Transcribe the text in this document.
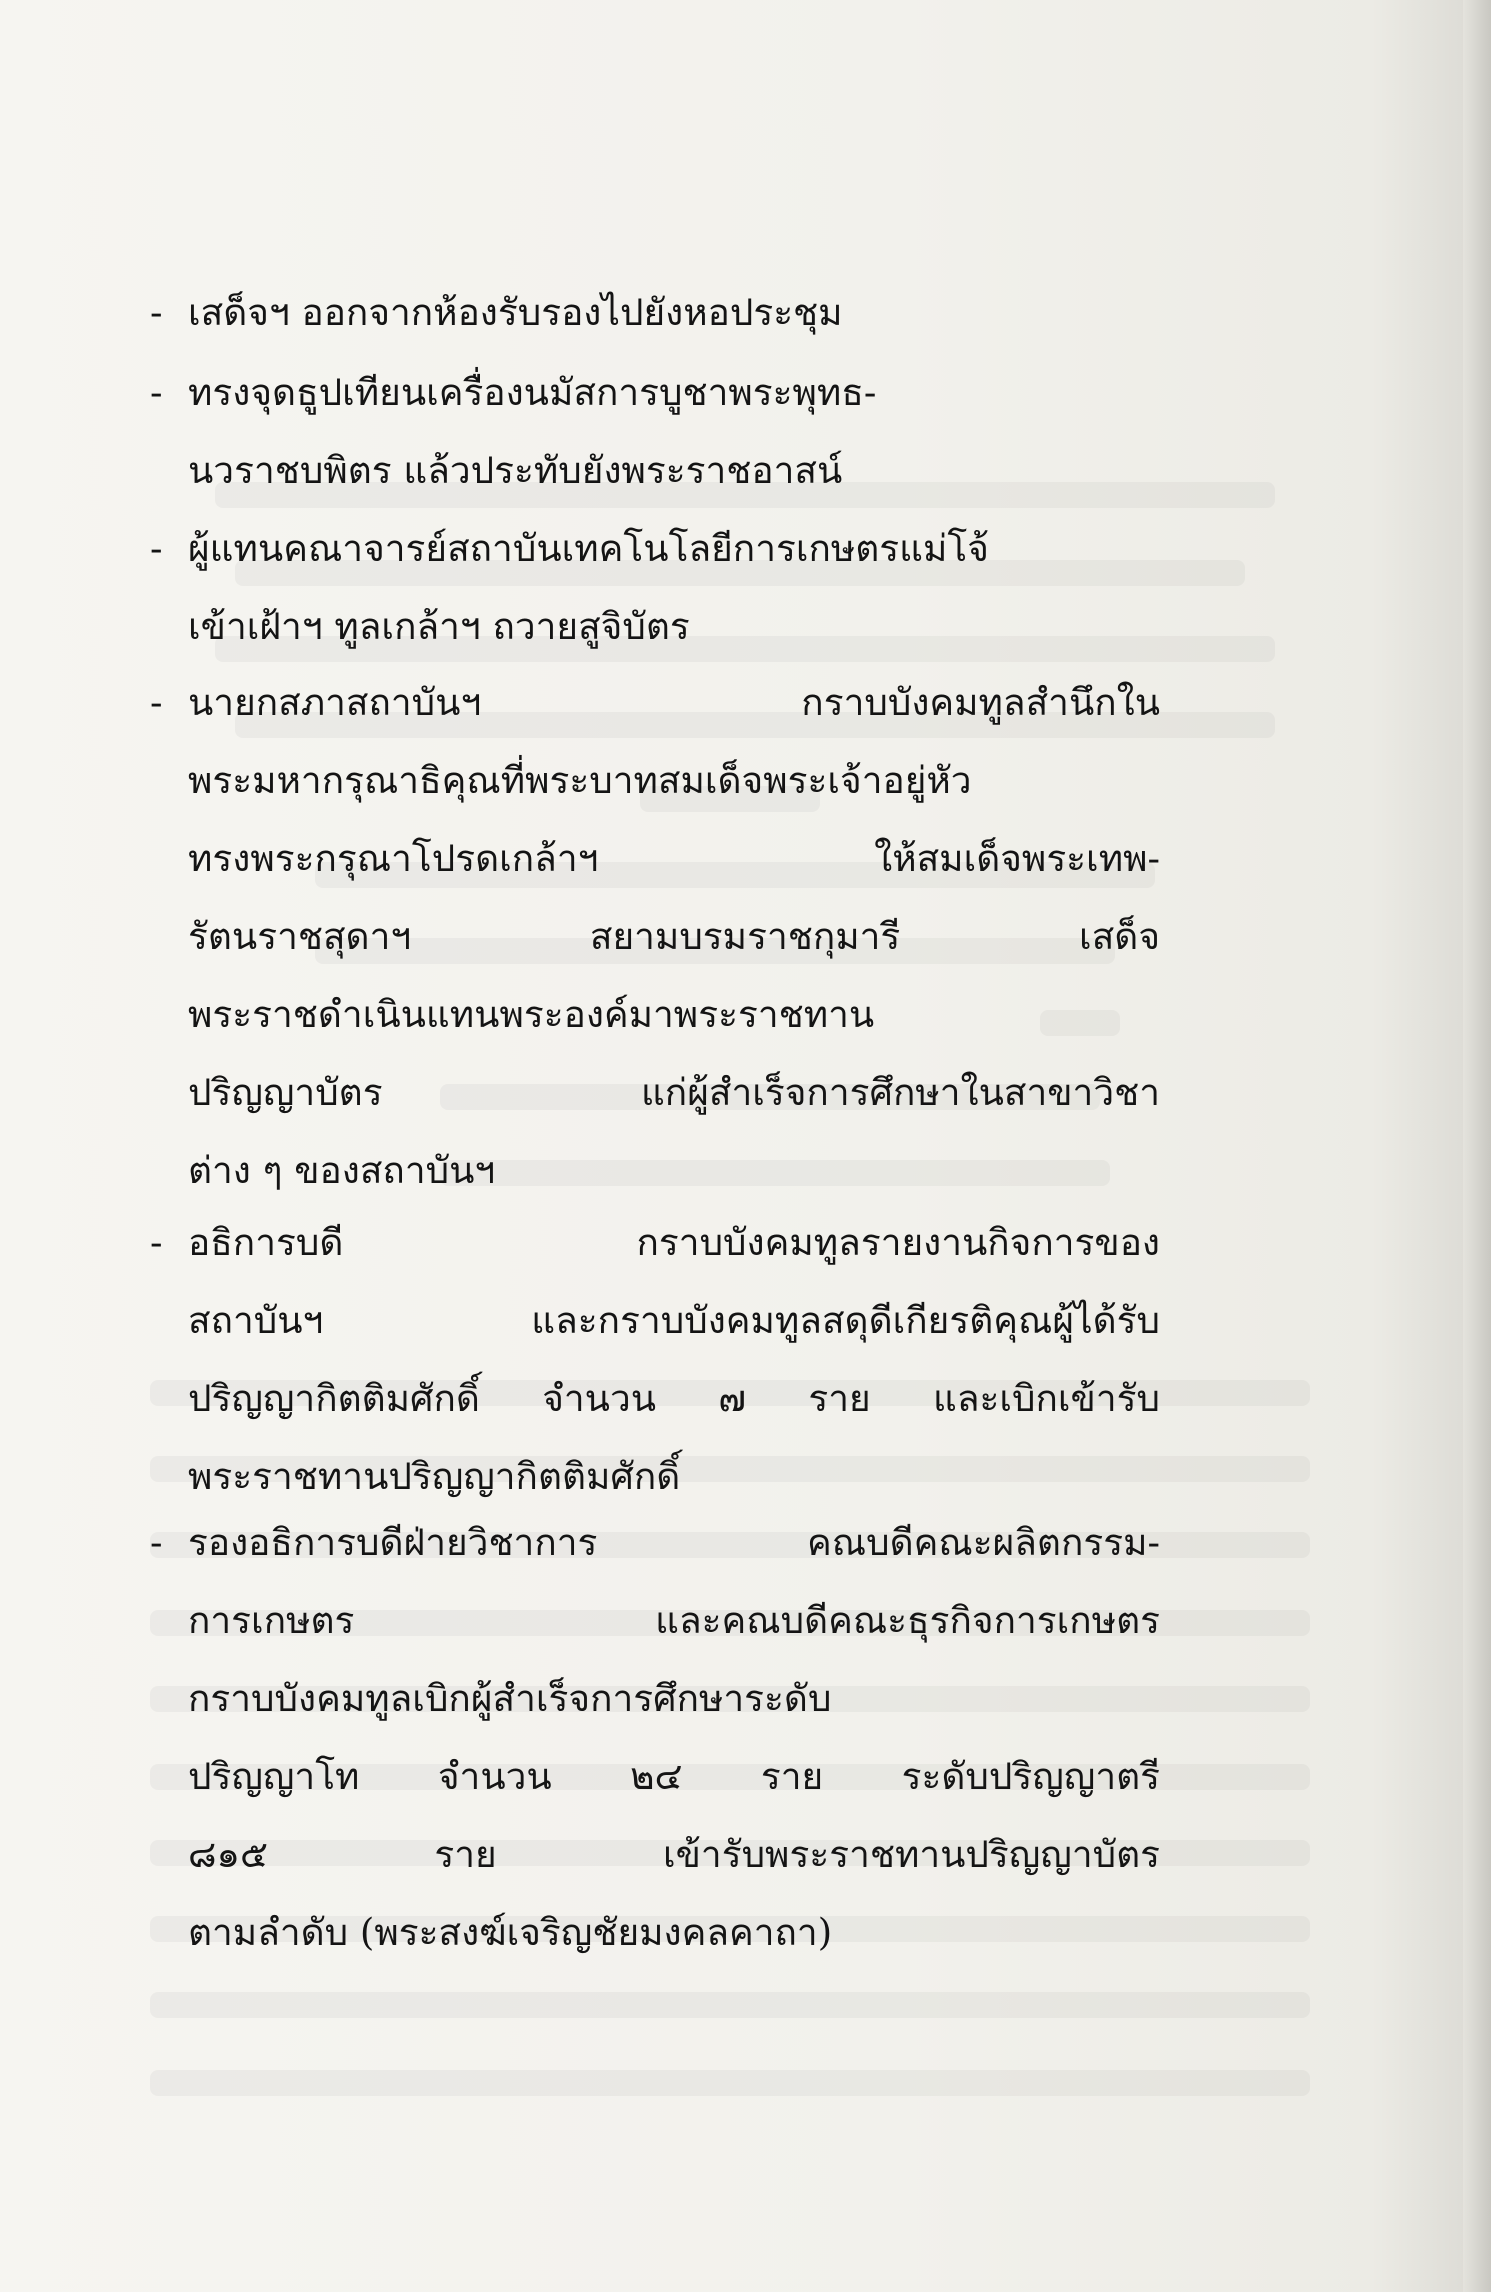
- เสด็จฯ ออกจากห้องรับรองไปยังหอประชุม
- ทรงจุดธูปเทียนเครื่องนมัสการบูชาพระพุทธ-
นวราชบพิตร แล้วประทับยังพระราชอาสน์
- ผู้แทนคณาจารย์สถาบันเทคโนโลยีการเกษตรแม่โจ้
เข้าเฝ้าฯ ทูลเกล้าฯ ถวายสูจิบัตร
- นายกสภาสถาบันฯ กราบบังคมทูลสำนึกใน
พระมหากรุณาธิคุณที่พระบาทสมเด็จพระเจ้าอยู่หัว
ทรงพระกรุณาโปรดเกล้าฯ ให้สมเด็จพระเทพ-
รัตนราชสุดาฯ สยามบรมราชกุมารี เสด็จ
พระราชดำเนินแทนพระองค์มาพระราชทาน
ปริญญาบัตร แก่ผู้สำเร็จการศึกษาในสาขาวิชา
ต่าง ๆ ของสถาบันฯ
- อธิการบดี กราบบังคมทูลรายงานกิจการของ
สถาบันฯ และกราบบังคมทูลสดุดีเกียรติคุณผู้ได้รับ
ปริญญากิตติมศักดิ์ จำนวน ๗ ราย และเบิกเข้ารับ
พระราชทานปริญญากิตติมศักดิ์
- รองอธิการบดีฝ่ายวิชาการ คณบดีคณะผลิตกรรม-
การเกษตร และคณบดีคณะธุรกิจการเกษตร
กราบบังคมทูลเบิกผู้สำเร็จการศึกษาระดับ
ปริญญาโท จำนวน ๒๔ ราย ระดับปริญญาตรี
๘๑๕ ราย เข้ารับพระราชทานปริญญาบัตร
ตามลำดับ (พระสงฆ์เจริญชัยมงคลคาถา)
